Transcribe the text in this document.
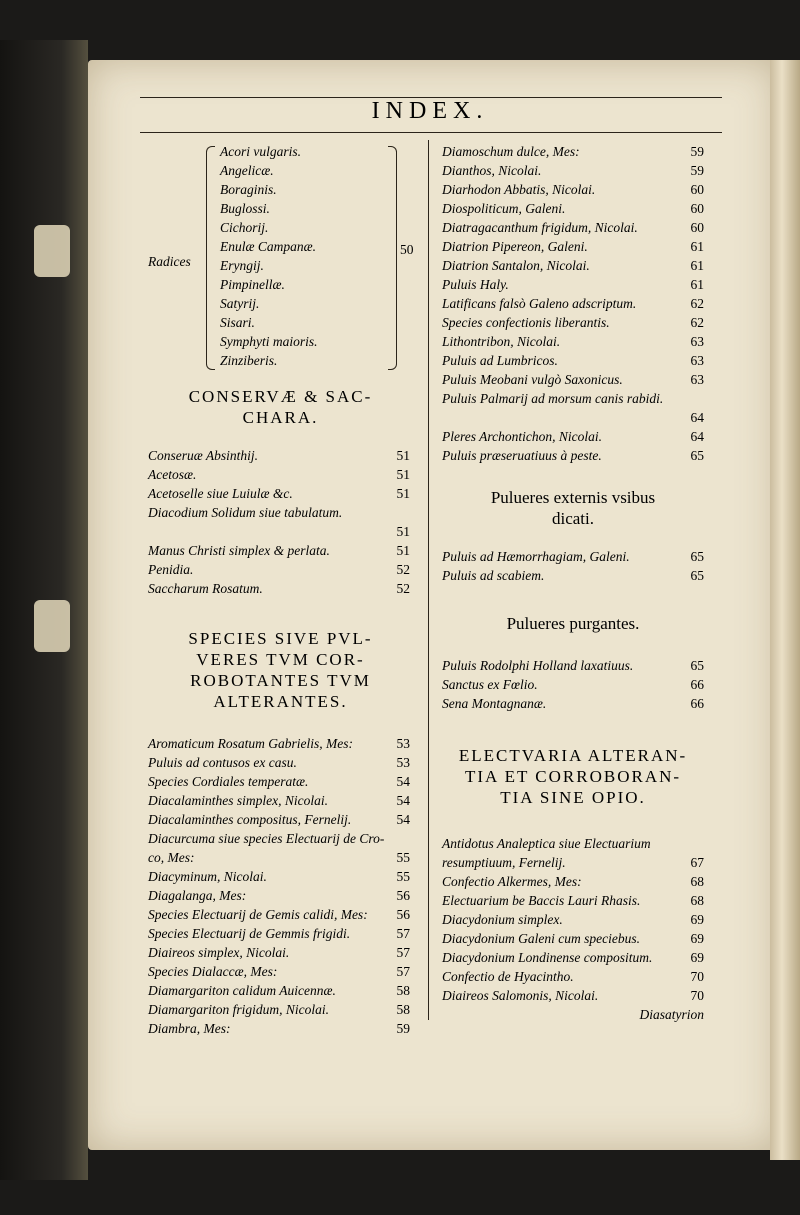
INDEX.
Radices
Acori vulgaris.
Angelicæ.
Boraginis.
Buglossi.
Cichorij.
Enulæ Campanæ.
Eryngij.
Pimpinellæ.
Satyrij.
Sisari.
Symphyti maioris.
Zinziberis.
50
CONSERVÆ & SAC-
CHARA.
Conseruæ Absinthij.	51
Acetosæ.	51
Acetoselle siue Luiulæ &c.	51
Diacodium Solidum siue tabulatum.
51
Manus Christi simplex & perlata.	51
Penidia.	52
Saccharum Rosatum.	52
SPECIES SIVE PVL-
VERES TVM COR-
ROBOTANTES TVM
ALTERANTES.
Aromaticum Rosatum Gabrielis, Mes:	53
Puluis ad contusos ex casu.	53
Species Cordiales temperatæ.	54
Diacalaminthes simplex, Nicolai.	54
Diacalaminthes compositus, Fernelij.	54
Diacurcuma siue species Electuarij de Cro-
co, Mes:	55
Diacyminum, Nicolai.	55
Diagalanga, Mes:	56
Species Electuarij de Gemis calidi, Mes: 56
Species Electuarij de Gemmis frigidi.	57
Diaireos simplex, Nicolai.	57
Species Dialaccæ, Mes:	57
Diamargariton calidum Auicennæ.	58
Diamargariton frigidum, Nicolai.	58
Diambra, Mes:	59
Diamoschum dulce, Mes:	59
Dianthos, Nicolai.	59
Diarhodon Abbatis, Nicolai.	60
Diospoliticum, Galeni.	60
Diatragacanthum frigidum, Nicolai.	60
Diatrion Pipereon, Galeni.	61
Diatrion Santalon, Nicolai.	61
Puluis Haly.	61
Latificans falsò Galeno adscriptum.	62
Species confectionis liberantis.	62
Lithontribon, Nicolai.	63
Puluis ad Lumbricos.	63
Puluis Meobani vulgò Saxonicus.	63
Puluis Palmarij ad morsum canis rabidi.
64
Pleres Archontichon, Nicolai.	64
Puluis præseruatiuus à peste.	65
Pulueres externis vsibus
dicati.
Puluis ad Hæmorrhagiam, Galeni.	65
Puluis ad scabiem.	65
Pulueres purgantes.
Puluis Rodolphi Holland laxatiuus.	65
Sanctus ex Fœlio.	66
Sena Montagnanæ.	66
ELECTVARIA ALTERAN-
TIA ET CORROBORAN-
TIA SINE OPIO.
Antidotus Analeptica siue Electuarium
resumptiuum, Fernelij.	67
Confectio Alkermes, Mes:	68
Electuarium be Baccis Lauri Rhasis.	68
Diacydonium simplex.	69
Diacydonium Galeni cum speciebus.	69
Diacydonium Londinense compositum.	69
Confectio de Hyacintho.	70
Diaireos Salomonis, Nicolai.	70
Diasatyrion
